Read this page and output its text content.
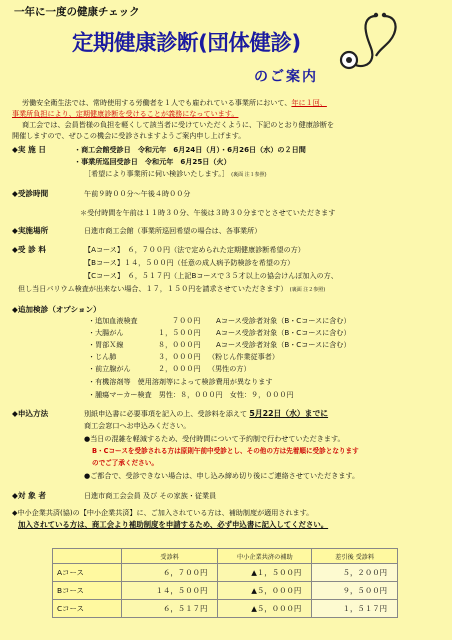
一年に一度の健康チェック
定期健康診断(団体健診)
のご案内
労働安全衛生法では、常時使用する労働者を１人でも雇われている事業所において、年に１回、
事業所負担により、定期健康診断を受けることが義務になっています。
商工会では、会員皆様の負担を軽くして該当者に受けていただくように、下記のとおり健康診断を
開催しますので、ぜひこの機会に受診されますようご案内申し上げます。
◆実 施 日	・商工会館受診日　令和元年　6月24日（月）・6月26日（水）の２日間
・事業所巡回受診日　令和元年　6月25日（火）
［希望により事業所に伺い検診いたします。］ (裏面 注１参照)
◆受診時間	午前９時００分～午後４時００分
＊受付時間を午前は１１時３０分、午後は３時３０分までとさせていただきます
◆実施場所	日進市商工会館（事業所巡回希望の場合は、各事業所）
◆受 診 料	【Aコース】　６，７００円（法で定められた定期健康診断希望の方）
【Bコース】１４，５００円（任意の成人病予防検診を希望の方）
【Cコース】　６，５１７円（上記Bコースで３５才以上の協会けんぽ加入の方、
但し当日バリウム検査が出来ない場合、１７，１５０円を請求させていただきます） (裏面 注２参照)
◆追加検診（オプション）
・追加血液検査	７００円 Aコース受診者対象（B・Cコースに含む）
・大腸がん	１，５００円 Aコース受診者対象（B・Cコースに含む）
・胃部Ｘ線	８，０００円 Aコース受診者対象（B・Cコースに含む）
・じん肺	３，０００円 （粉じん作業従事者）
・前立腺がん	２，０００円 （男性の方）
・有機溶剤等　使用溶剤等によって検診費用が異なります
・腫瘍マーカー検査　男性：８，０００円　女性：９，０００円
◆申込方法	別紙申込書に必要事項を記入の上、受診料を添えて 5月22日（水）までに
商工会窓口へお申込みください。
●当日の混雑を軽減するため、受付時間について予約制で行わせていただきます。
B・Cコースを受診される方は原則午前中受診とし、その他の方は先着順に受診となります
のでご了承ください。
●ご都合で、受診できない場合は、申し込み締め切り後にご連絡させていただきます。
◆対 象 者	日進市商工会会員 及び その家族・従業員
◆中小企業共済(協)の【中小企業共済】に、ご加入されている方は、補助制度が適用されます。
加入されている方は、商工会より補助制度を申請するため、必ず申込書に記入してください。
	受診料	中小企業共済の補助	差引後 受診料
Aコース	６，７００円	▲１，５００円	５，２００円
Bコース	１４，５００円	▲５，０００円	９，５００円
Cコース	６，５１７円	▲５，０００円	１，５１７円
